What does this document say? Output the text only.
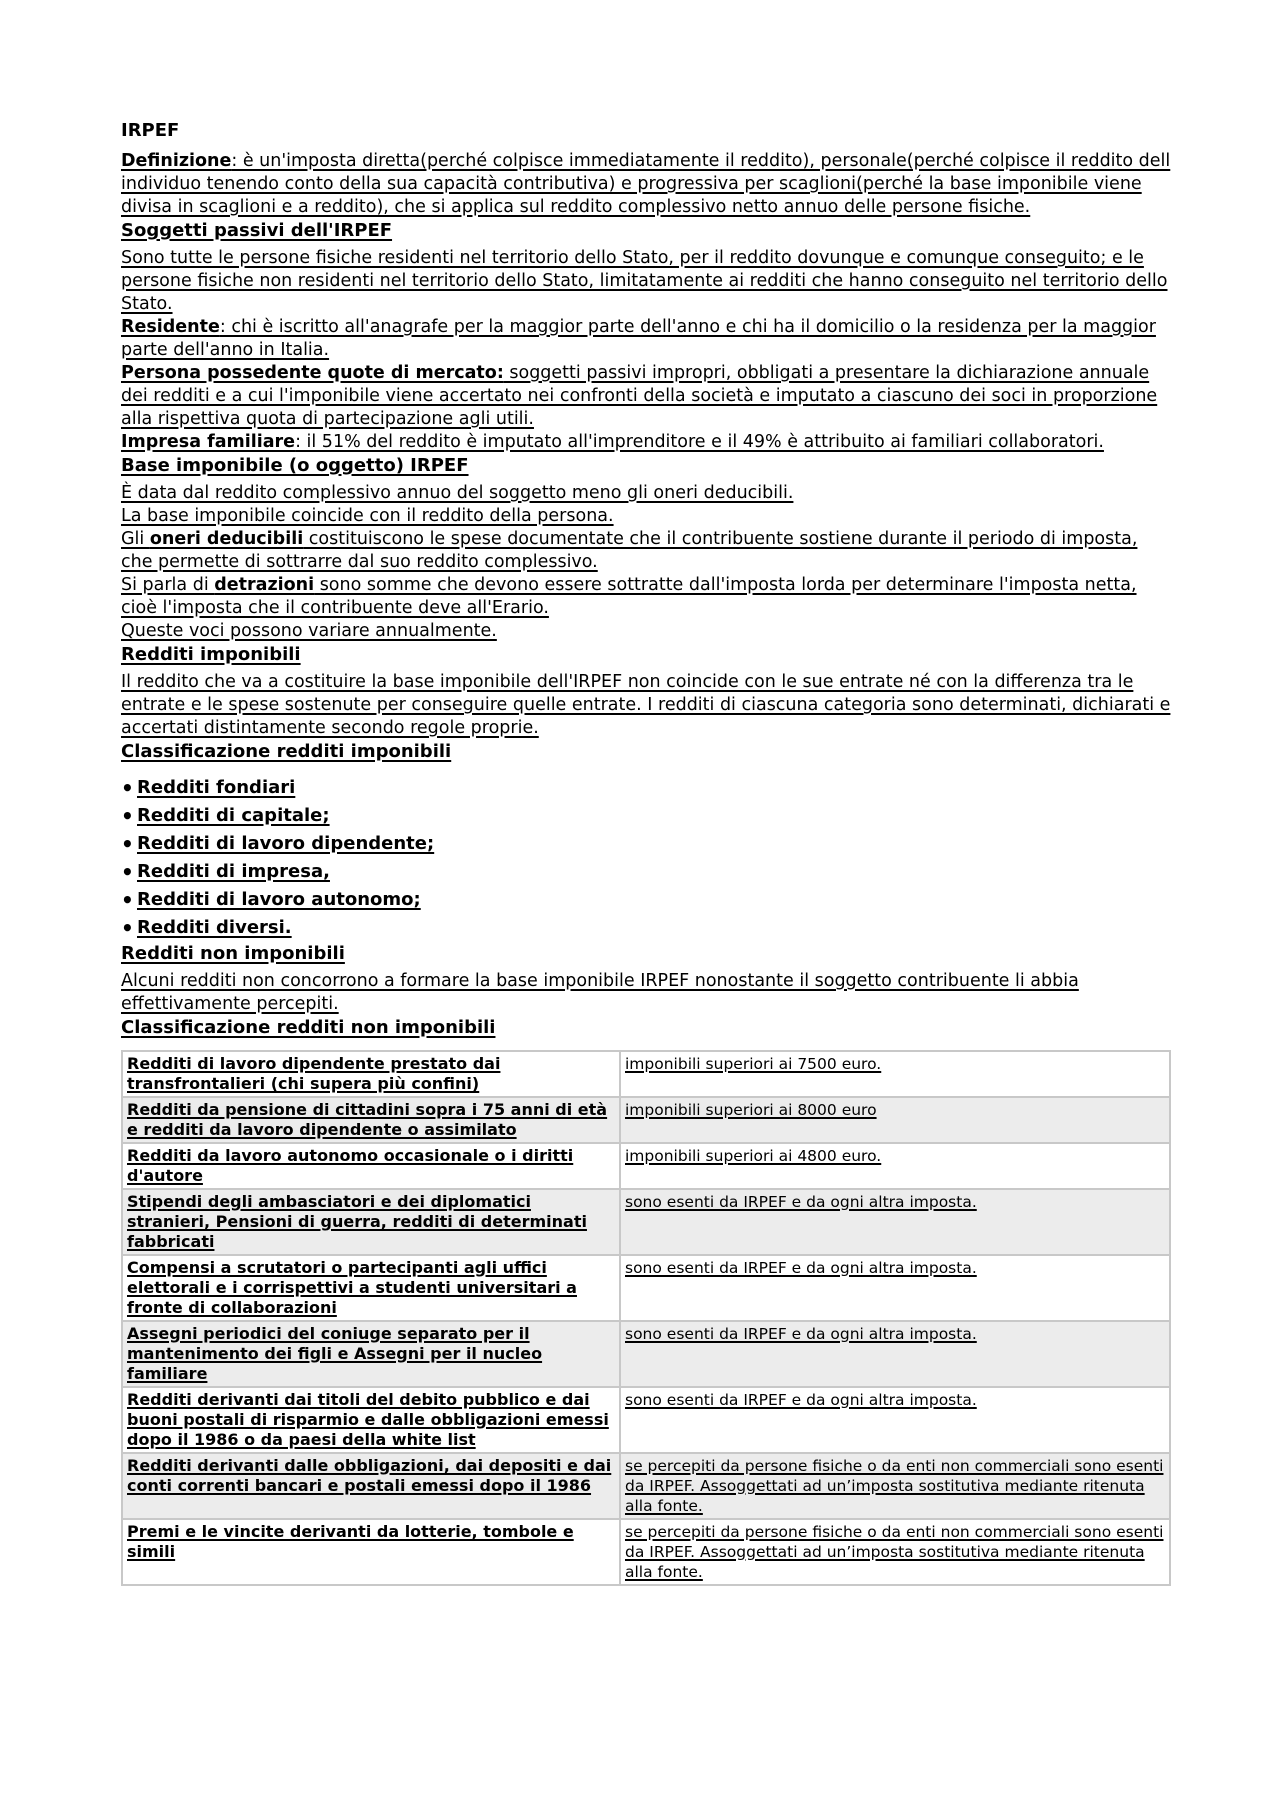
IRPEF

Definizione: è un'imposta diretta(perché colpisce immediatamente il reddito), personale(perché colpisce il reddito dell individuo tenendo conto della sua capacità contributiva) e progressiva per scaglioni(perché la base imponibile viene divisa in scaglioni e a reddito), che si applica sul reddito complessivo netto annuo delle persone fisiche.

Soggetti passivi dell'IRPEF

Sono tutte le persone fisiche residenti nel territorio dello Stato, per il reddito dovunque e comunque conseguito; e le persone fisiche non residenti nel territorio dello Stato, limitatamente ai redditi che hanno conseguito nel territorio dello Stato.

Residente: chi è iscritto all'anagrafe per la maggior parte dell'anno e chi ha il domicilio o la residenza per la maggior parte dell'anno in Italia.

Persona possedente quote di mercato: soggetti passivi impropri, obbligati a presentare la dichiarazione annuale dei redditi e a cui l'imponibile viene accertato nei confronti della società e imputato a ciascuno dei soci in proporzione alla rispettiva quota di partecipazione agli utili.

Impresa familiare: il 51% del reddito è imputato all'imprenditore e il 49% è attribuito ai familiari collaboratori.

Base imponibile (o oggetto) IRPEF

È data dal reddito complessivo annuo del soggetto meno gli oneri deducibili.

La base imponibile coincide con il reddito della persona.

Gli oneri deducibili costituiscono le spese documentate che il contribuente sostiene durante il periodo di imposta, che permette di sottrarre dal suo reddito complessivo.

Si parla di detrazioni sono somme che devono essere sottratte dall'imposta lorda per determinare l'imposta netta, cioè l'imposta che il contribuente deve all'Erario.

Queste voci possono variare annualmente.

Redditi imponibili

Il reddito che va a costituire la base imponibile dell'IRPEF non coincide con le sue entrate né con la differenza tra le entrate e le spese sostenute per conseguire quelle entrate. I redditi di ciascuna categoria sono determinati, dichiarati e accertati distintamente secondo regole proprie.

Classificazione redditi imponibili
• Redditi fondiari
• Redditi di capitale;
• Redditi di lavoro dipendente;
• Redditi di impresa,
• Redditi di lavoro autonomo;
• Redditi diversi.
Redditi non imponibili

Alcuni redditi non concorrono a formare la base imponibile IRPEF nonostante il soggetto contribuente li abbia effettivamente percepiti.

Classificazione redditi non imponibili
Redditi di lavoro dipendente prestato dai transfrontalieri (chi supera più confini)	imponibili superiori ai 7500 euro.
Redditi da pensione di cittadini sopra i 75 anni di età e redditi da lavoro dipendente o assimilato	imponibili superiori ai 8000 euro
Redditi da lavoro autonomo occasionale o i diritti d'autore	imponibili superiori ai 4800 euro.
Stipendi degli ambasciatori e dei diplomatici stranieri, Pensioni di guerra, redditi di determinati fabbricati	sono esenti da IRPEF e da ogni altra imposta.
Compensi a scrutatori o partecipanti agli uffici elettorali e i corrispettivi a studenti universitari a fronte di collaborazioni	sono esenti da IRPEF e da ogni altra imposta.
Assegni periodici del coniuge separato per il mantenimento dei figli e Assegni per il nucleo familiare	sono esenti da IRPEF e da ogni altra imposta.
Redditi derivanti dai titoli del debito pubblico e dai buoni postali di risparmio e dalle obbligazioni emessi dopo il 1986 o da paesi della white list	sono esenti da IRPEF e da ogni altra imposta.
Redditi derivanti dalle obbligazioni, dai depositi e dai conti correnti bancari e postali emessi dopo il 1986	se percepiti da persone fisiche o da enti non commerciali sono esenti da IRPEF. Assoggettati ad un’imposta sostitutiva mediante ritenuta alla fonte.
Premi e le vincite derivanti da lotterie, tombole e simili	se percepiti da persone fisiche o da enti non commerciali sono esenti da IRPEF. Assoggettati ad un’imposta sostitutiva mediante ritenuta alla fonte.
